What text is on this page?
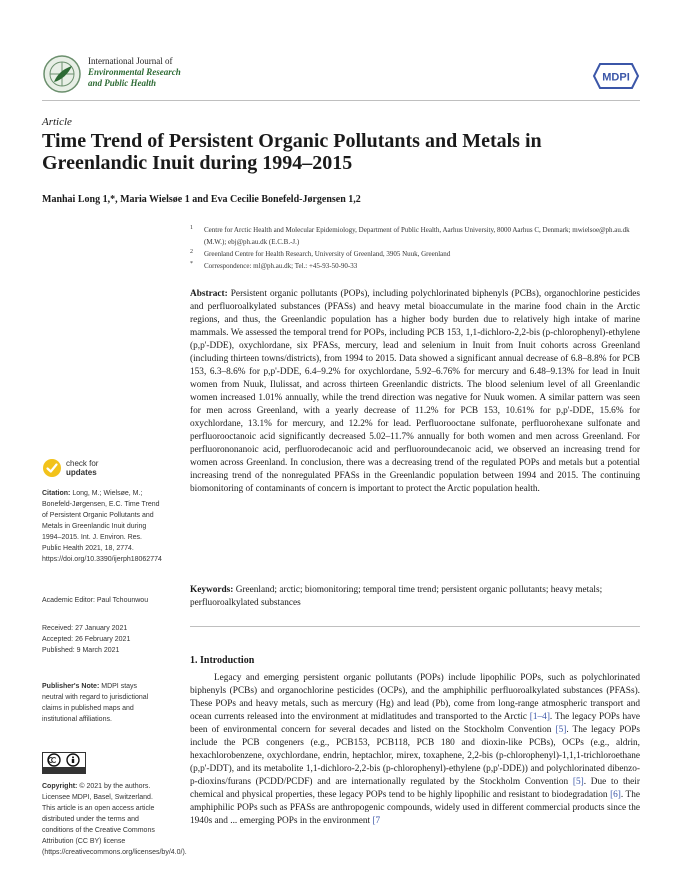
International Journal of
Environmental Research
and Public Health	MDPI
Article
Time Trend of Persistent Organic Pollutants and Metals in Greenlandic Inuit during 1994–2015
Manhai Long 1,*, Maria Wielsøe 1 and Eva Cecilie Bonefeld-Jørgensen 1,2
1 Centre for Arctic Health and Molecular Epidemiology, Department of Public Health, Aarhus University, 8000 Aarhus C, Denmark; mwielsoe@ph.au.dk (M.W.); ebj@ph.au.dk (E.C.B.-J.)
2 Greenland Centre for Health Research, University of Greenland, 3905 Nuuk, Greenland
* Correspondence: ml@ph.au.dk; Tel.: +45-93-50-90-33

Abstract: Persistent organic pollutants (POPs), including polychlorinated biphenyls (PCBs), organochlorine pesticides and perfluoroalkylated substances (PFASs) and heavy metal bioaccumulate in the marine food chain in the Arctic regions, and thus, the Greenlandic population has a higher body burden due to relatively high intake of marine mammals. We assessed the temporal trend for POPs, including PCB 153, 1,1-dichloro-2,2-bis (p-chlorophenyl)-ethylene (p,p'-DDE), oxychlordane, six PFASs, mercury, lead and selenium in Inuit from Inuit cohorts across Greenland (including thirteen towns/districts), from 1994 to 2015. Data showed a significant annual decrease of 6.8–8.8% for PCB 153, 6.3–8.6% for p,p'-DDE, 6.4–9.2% for oxychlordane, 5.92–6.76% for mercury and 6.48–9.13% for lead in Inuit women from Nuuk, Ilulissat, and across thirteen Greenlandic districts. The blood selenium level of all Greenlandic women increased 1.01% annually, while the trend direction was negative for Nuuk women. A similar pattern was seen for men across Greenland, with a yearly decrease of 11.2% for PCB 153, 10.61% for p,p'-DDE, 15.6% for oxychlordane, 13.1% for mercury, and 12.2% for lead. Perfluorooctane sulfonate, perfluorohexane sulfonate and perfluorooctanoic acid significantly decreased 5.02–11.7% annually for both women and men across Greenland. For perfluorononanoic acid, perfluorodecanoic acid and perfluoroundecanoic acid, we observed an increasing trend for women across Greenland. In conclusion, there was a decreasing trend of the regulated POPs and metals but a potential increasing trend of the nonregulated PFASs in the Greenlandic population between 1994 and 2015. The continuing biomonitoring of contaminants of concern is important to protect the Arctic population health.

Keywords: Greenland; arctic; biomonitoring; temporal time trend; persistent organic pollutants; heavy metals; perfluoroalkylated substances

1. Introduction

Legacy and emerging persistent organic pollutants (POPs) include lipophilic POPs, such as polychlorinated biphenyls (PCBs) and organochlorine pesticides (OCPs), and the amphiphilic perfluoroalkylated substances (PFASs). These POPs and heavy metals, such as mercury (Hg) and lead (Pb), come from long-range atmospheric transport and ocean currents released into the environment at midlatitudes and transported to the Arctic [1–4]. The legacy POPs have been of environmental concern for several decades and listed on the Stockholm Convention [5]. The legacy POPs include the PCB congeners (e.g., PCB153, PCB118, PCB 180 and dioxin-like PCBs), OCPs (e.g., aldrin, hexachlorobenzene, oxychlordane, endrin, heptachlor, mirex, toxaphene, 2,2-bis (p-chlorophenyl)-1,1,1-trichloroethane (p,p'-DDT), and its metabolite 1,1-dichloro-2,2-bis (p-chlorophenyl)-ethylene (p,p'-DDE)) and polychlorinated dibenzo-p-dioxins/furans (PCDD/PCDF) and are internationally regulated by the Stockholm Convention [5]. Due to their chemical and physical properties, these legacy POPs tend to be highly lipophilic and resistant to biodegradation [6]. The amphiphilic POPs such as PFASs are anthropogenic compounds, widely used in different commercial products since the 1940s and ... emerging POPs in the environment [7

check for
updates
Citation: Long, M.; Wielsøe, M.; Bonefeld-Jørgensen, E.C. Time Trend of Persistent Organic Pollutants and Metals in Greenlandic Inuit during 1994–2015. Int. J. Environ. Res. Public Health 2021, 18, 2774. https://doi.org/10.3390/ijerph18062774
Academic Editor: Paul Tchounwou
Received: 27 January 2021
Accepted: 26 February 2021
Published: 9 March 2021
Publisher's Note: MDPI stays neutral with regard to jurisdictional claims in published maps and institutional affiliations.
Copyright: © 2021 by the authors. Licensee MDPI, Basel, Switzerland. This article is an open access article distributed under the terms and conditions of the Creative Commons Attribution (CC BY) license (https://creativecommons.org/licenses/by/4.0/).
